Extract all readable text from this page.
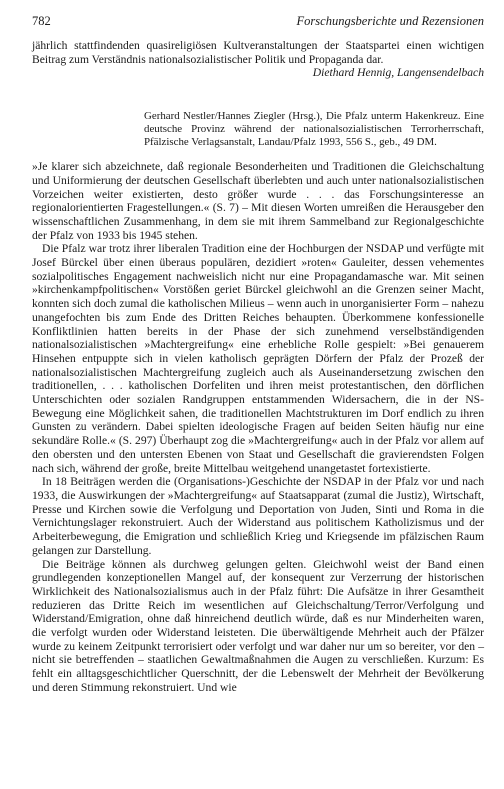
782	Forschungsberichte und Rezensionen

jährlich stattfindenden quasireligiösen Kultveranstaltungen der Staatspartei einen wichtigen Beitrag zum Verständnis nationalsozialistischer Politik und Propaganda dar.

Diethard Hennig, Langensendelbach
Gerhard Nestler/Hannes Ziegler (Hrsg.), Die Pfalz unterm Hakenkreuz. Eine deutsche Provinz während der nationalsozialistischen Terrorherrschaft, Pfälzische Verlagsanstalt, Landau/Pfalz 1993, 556 S., geb., 49 DM.

»Je klarer sich abzeichnete, daß regionale Besonderheiten und Traditionen die Gleichschaltung und Uniformierung der deutschen Gesellschaft überlebten und auch unter nationalsozialistischen Vorzeichen weiter existierten, desto größer wurde . . . das Forschungsinteresse an regionalorientierten Fragestellungen.« (S. 7) – Mit diesen Worten umreißen die Herausgeber den wissenschaftlichen Zusammenhang, in dem sie mit ihrem Sammelband zur Regionalgeschichte der Pfalz von 1933 bis 1945 stehen.

Die Pfalz war trotz ihrer liberalen Tradition eine der Hochburgen der NSDAP und verfügte mit Josef Bürckel über einen überaus populären, dezidiert »roten« Gauleiter, dessen vehementes sozialpolitisches Engagement nachweislich nicht nur eine Propagandamasche war. Mit seinen »kirchenkampfpolitischen« Vorstößen geriet Bürckel gleichwohl an die Grenzen seiner Macht, konnten sich doch zumal die katholischen Milieus – wenn auch in unorganisierter Form – nahezu unangefochten bis zum Ende des Dritten Reiches behaupten. Überkommene konfessionelle Konfliktlinien hatten bereits in der Phase der sich zunehmend verselbständigenden nationalsozialistischen »Machtergreifung« eine erhebliche Rolle gespielt: »Bei genauerem Hinsehen entpuppte sich in vielen katholisch geprägten Dörfern der Pfalz der Prozeß der nationalsozialistischen Machtergreifung zugleich auch als Auseinandersetzung zwischen den traditionellen, . . . katholischen Dorfeliten und ihren meist protestantischen, den dörflichen Unterschichten oder sozialen Randgruppen entstammenden Widersachern, die in der NS-Bewegung eine Möglichkeit sahen, die traditionellen Machtstrukturen im Dorf endlich zu ihren Gunsten zu verändern. Dabei spielten ideologische Fragen auf beiden Seiten häufig nur eine sekundäre Rolle.« (S. 297) Überhaupt zog die »Machtergreifung« auch in der Pfalz vor allem auf den obersten und den untersten Ebenen von Staat und Gesellschaft die gravierendsten Folgen nach sich, während der große, breite Mittelbau weitgehend unangetastet fortexistierte.

In 18 Beiträgen werden die (Organisations-)Geschichte der NSDAP in der Pfalz vor und nach 1933, die Auswirkungen der »Machtergreifung« auf Staatsapparat (zumal die Justiz), Wirtschaft, Presse und Kirchen sowie die Verfolgung und Deportation von Juden, Sinti und Roma in die Vernichtungslager rekonstruiert. Auch der Widerstand aus politischem Katholizismus und der Arbeiterbewegung, die Emigration und schließlich Krieg und Kriegsende im pfälzischen Raum gelangen zur Darstellung.

Die Beiträge können als durchweg gelungen gelten. Gleichwohl weist der Band einen grundlegenden konzeptionellen Mangel auf, der konsequent zur Verzerrung der historischen Wirklichkeit des Nationalsozialismus auch in der Pfalz führt: Die Aufsätze in ihrer Gesamtheit reduzieren das Dritte Reich im wesentlichen auf Gleichschaltung/Terror/Verfolgung und Widerstand/Emigration, ohne daß hinreichend deutlich würde, daß es nur Minderheiten waren, die verfolgt wurden oder Widerstand leisteten. Die überwältigende Mehrheit auch der Pfälzer wurde zu keinem Zeitpunkt terrorisiert oder verfolgt und war daher nur um so bereiter, vor den – nicht sie betreffenden – staatlichen Gewaltmaßnahmen die Augen zu verschließen. Kurzum: Es fehlt ein alltagsgeschichtlicher Querschnitt, der die Lebenswelt der Mehrheit der Bevölkerung und deren Stimmung rekonstruiert. Und wie
